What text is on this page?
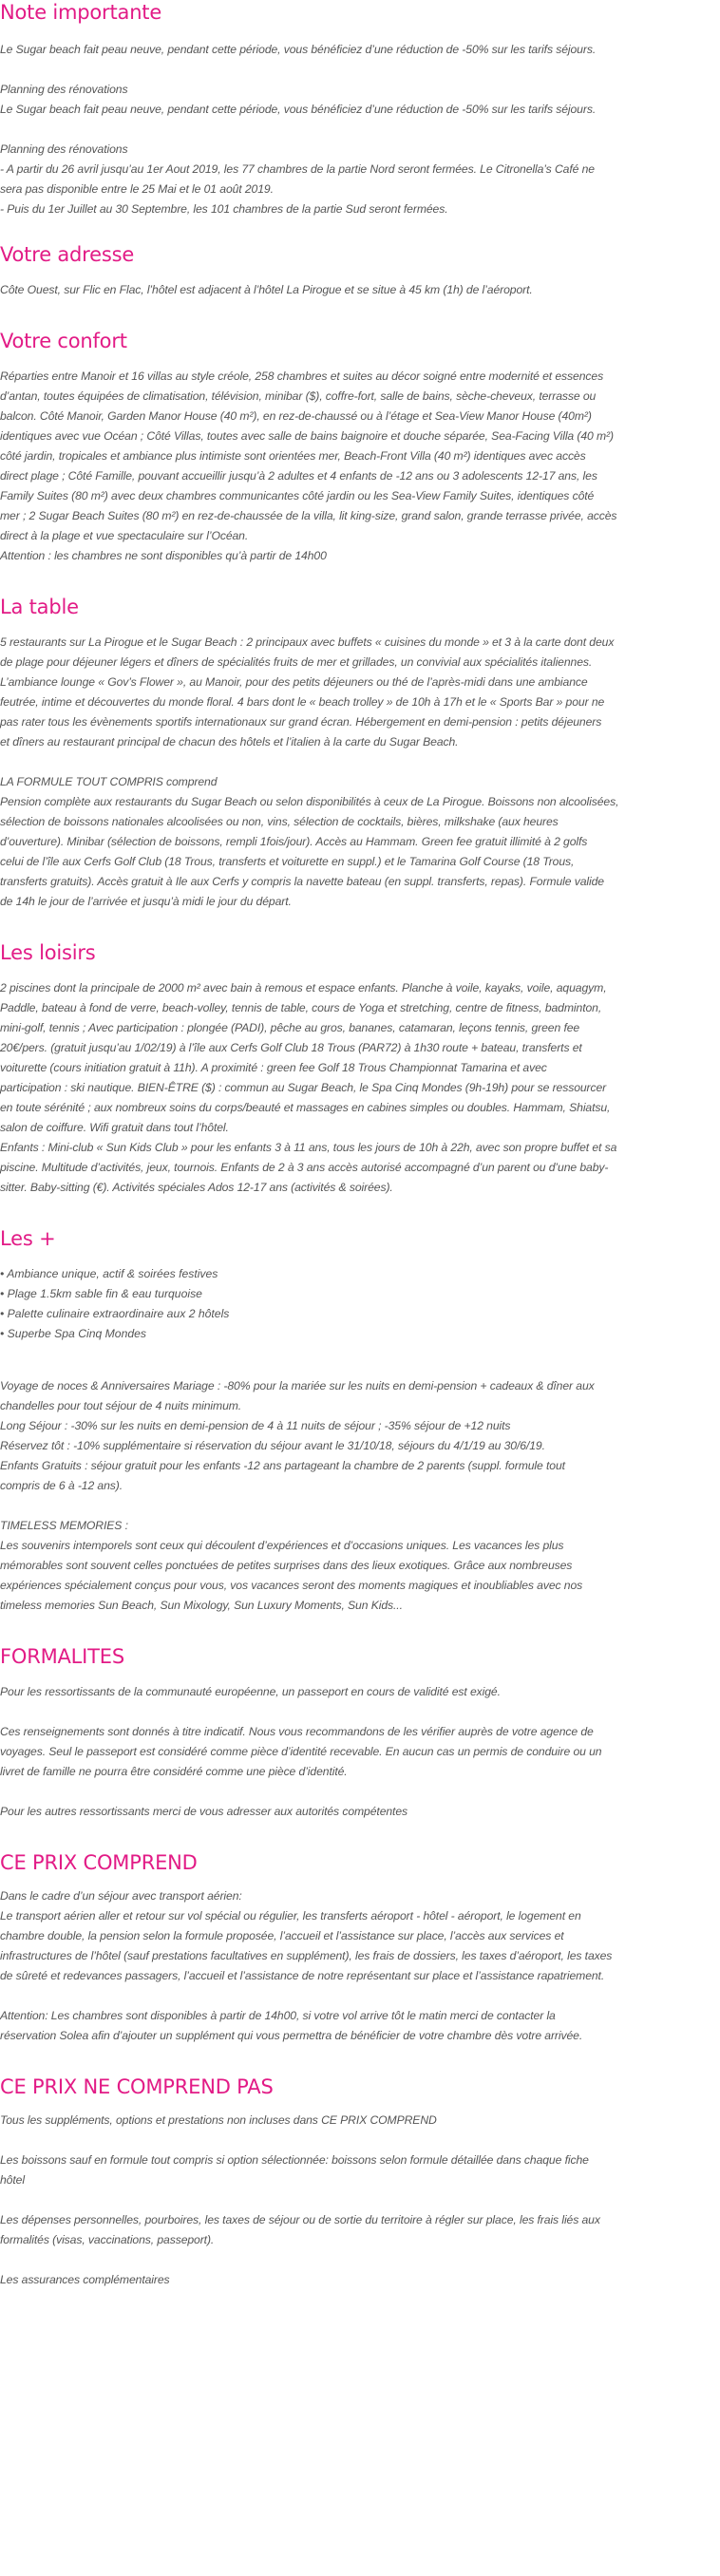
Note importante

Le Sugar beach fait peau neuve, pendant cette période, vous bénéficiez d’une réduction de -50% sur les tarifs séjours.

Planning des rénovations

Le Sugar beach fait peau neuve, pendant cette période, vous bénéficiez d’une réduction de -50% sur les tarifs séjours.

Planning des rénovations

- A partir du 26 avril jusqu’au 1er Aout 2019, les 77 chambres de la partie Nord seront fermées. Le Citronella’s Café ne

sera pas disponible entre le 25 Mai et le 01 août 2019.

- Puis du 1er Juillet au 30 Septembre, les 101 chambres de la partie Sud seront fermées.

Votre adresse

Côte Ouest, sur Flic en Flac, l’hôtel est adjacent à l’hôtel La Pirogue et se situe à 45 km (1h) de l’aéroport.

Votre confort

Réparties entre Manoir et 16 villas au style créole, 258 chambres et suites au décor soigné entre modernité et essences

d’antan, toutes équipées de climatisation, télévision, minibar ($), coffre-fort, salle de bains, sèche-cheveux, terrasse ou

balcon. Côté Manoir, Garden Manor House (40 m²), en rez-de-chaussé ou à l’étage et Sea-View Manor House (40m²)

identiques avec vue Océan ; Côté Villas, toutes avec salle de bains baignoire et douche séparée, Sea-Facing Villa (40 m²)

côté jardin, tropicales et ambiance plus intimiste sont orientées mer, Beach-Front Villa (40 m²) identiques avec accès

direct plage ; Côté Famille, pouvant accueillir jusqu’à 2 adultes et 4 enfants de -12 ans ou 3 adolescents 12-17 ans, les

Family Suites (80 m²) avec deux chambres communicantes côté jardin ou les Sea-View Family Suites, identiques côté

mer ; 2 Sugar Beach Suites (80 m²) en rez-de-chaussée de la villa, lit king-size, grand salon, grande terrasse privée, accès

direct à la plage et vue spectaculaire sur l’Océan.

Attention : les chambres ne sont disponibles qu’à partir de 14h00

La table

5 restaurants sur La Pirogue et le Sugar Beach : 2 principaux avec buffets « cuisines du monde » et 3 à la carte dont deux

de plage pour déjeuner légers et dîners de spécialités fruits de mer et grillades, un convivial aux spécialités italiennes.

L’ambiance lounge « Gov’s Flower », au Manoir, pour des petits déjeuners ou thé de l’après-midi dans une ambiance

feutrée, intime et découvertes du monde floral. 4 bars dont le « beach trolley » de 10h à 17h et le « Sports Bar » pour ne

pas rater tous les évènements sportifs internationaux sur grand écran. Hébergement en demi-pension : petits déjeuners

et dîners au restaurant principal de chacun des hôtels et l’italien à la carte du Sugar Beach.

LA FORMULE TOUT COMPRIS comprend

Pension complète aux restaurants du Sugar Beach ou selon disponibilités à ceux de La Pirogue. Boissons non alcoolisées,

sélection de boissons nationales alcoolisées ou non, vins, sélection de cocktails, bières, milkshake (aux heures

d’ouverture). Minibar (sélection de boissons, rempli 1fois/jour). Accès au Hammam. Green fee gratuit illimité à 2 golfs

celui de l’île aux Cerfs Golf Club (18 Trous, transferts et voiturette en suppl.) et le Tamarina Golf Course (18 Trous,

transferts gratuits). Accès gratuit à Ile aux Cerfs y compris la navette bateau (en suppl. transferts, repas). Formule valide

de 14h le jour de l’arrivée et jusqu’à midi le jour du départ.

Les loisirs

2 piscines dont la principale de 2000 m² avec bain à remous et espace enfants. Planche à voile, kayaks, voile, aquagym,

Paddle, bateau à fond de verre, beach-volley, tennis de table, cours de Yoga et stretching, centre de fitness, badminton,

mini-golf, tennis ; Avec participation : plongée (PADI), pêche au gros, bananes, catamaran, leçons tennis, green fee

20€/pers. (gratuit jusqu’au 1/02/19) à l’île aux Cerfs Golf Club 18 Trous (PAR72) à 1h30 route + bateau, transferts et

voiturette (cours initiation gratuit à 11h). A proximité : green fee Golf 18 Trous Championnat Tamarina et avec

participation : ski nautique. BIEN-ÊTRE ($) : commun au Sugar Beach, le Spa Cinq Mondes (9h-19h) pour se ressourcer

en toute sérénité ; aux nombreux soins du corps/beauté et massages en cabines simples ou doubles. Hammam, Shiatsu,

salon de coiffure. Wifi gratuit dans tout l’hôtel.

Enfants : Mini-club « Sun Kids Club » pour les enfants 3 à 11 ans, tous les jours de 10h à 22h, avec son propre buffet et sa

piscine. Multitude d’activités, jeux, tournois. Enfants de 2 à 3 ans accès autorisé accompagné d’un parent ou d’une baby-

sitter. Baby-sitting (€). Activités spéciales Ados 12-17 ans (activités & soirées).

Les +
• Ambiance unique, actif & soirées festives
• Plage 1.5km sable fin & eau turquoise
• Palette culinaire extraordinaire aux 2 hôtels
• Superbe Spa Cinq Mondes

Voyage de noces & Anniversaires Mariage : -80% pour la mariée sur les nuits en demi-pension + cadeaux & dîner aux

chandelles pour tout séjour de 4 nuits minimum.

Long Séjour : -30% sur les nuits en demi-pension de 4 à 11 nuits de séjour ; -35% séjour de +12 nuits

Réservez tôt : -10% supplémentaire si réservation du séjour avant le 31/10/18, séjours du 4/1/19 au 30/6/19.

Enfants Gratuits : séjour gratuit pour les enfants -12 ans partageant la chambre de 2 parents (suppl. formule tout

compris de 6 à -12 ans).

TIMELESS MEMORIES :

Les souvenirs intemporels sont ceux qui découlent d’expériences et d’occasions uniques. Les vacances les plus

mémorables sont souvent celles ponctuées de petites surprises dans des lieux exotiques. Grâce aux nombreuses

expériences spécialement conçus pour vous, vos vacances seront des moments magiques et inoubliables avec nos

timeless memories Sun Beach, Sun Mixology, Sun Luxury Moments, Sun Kids...

FORMALITES

Pour les ressortissants de la communauté européenne, un passeport en cours de validité est exigé.

Ces renseignements sont donnés à titre indicatif. Nous vous recommandons de les vérifier auprès de votre agence de

voyages. Seul le passeport est considéré comme pièce d’identité recevable. En aucun cas un permis de conduire ou un

livret de famille ne pourra être considéré comme une pièce d’identité.

Pour les autres ressortissants merci de vous adresser aux autorités compétentes

CE PRIX COMPREND

Dans le cadre d’un séjour avec transport aérien:

Le transport aérien aller et retour sur vol spécial ou régulier, les transferts aéroport - hôtel - aéroport, le logement en

chambre double, la pension selon la formule proposée, l’accueil et l’assistance sur place, l’accès aux services et

infrastructures de l’hôtel (sauf prestations facultatives en supplément), les frais de dossiers, les taxes d’aéroport, les taxes

de sûreté et redevances passagers, l’accueil et l’assistance de notre représentant sur place et l’assistance rapatriement.

Attention: Les chambres sont disponibles à partir de 14h00, si votre vol arrive tôt le matin merci de contacter la

réservation Solea afin d’ajouter un supplément qui vous permettra de bénéficier de votre chambre dès votre arrivée.

CE PRIX NE COMPREND PAS

Tous les suppléments, options et prestations non incluses dans CE PRIX COMPREND

Les boissons sauf en formule tout compris si option sélectionnée: boissons selon formule détaillée dans chaque fiche

hôtel

Les dépenses personnelles, pourboires, les taxes de séjour ou de sortie du territoire à régler sur place, les frais liés aux

formalités (visas, vaccinations, passeport).

Les assurances complémentaires
